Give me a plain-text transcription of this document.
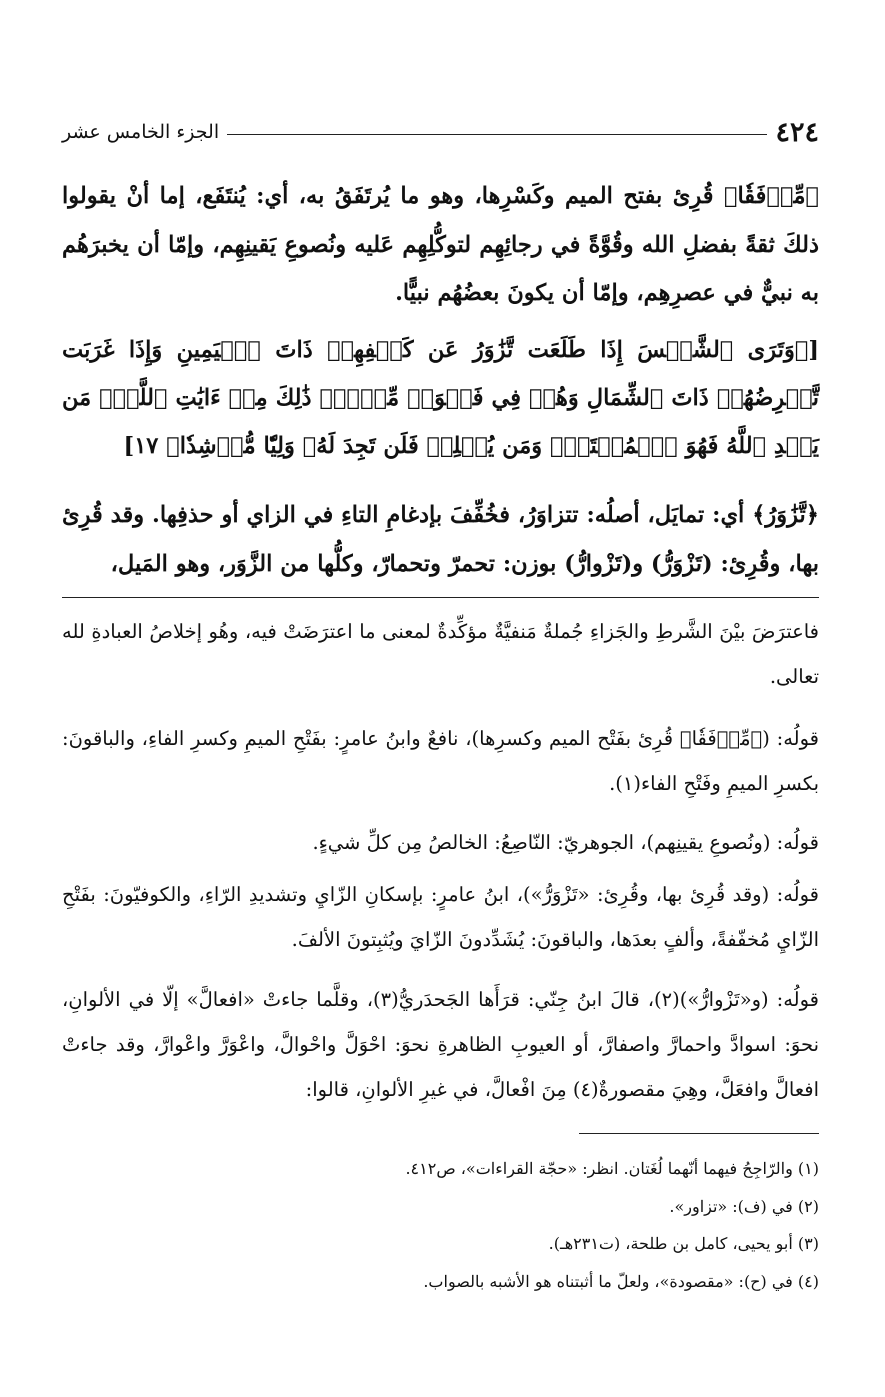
٤٢٤
الجزء الخامس عشر

﴿مِّرۡفَقٗا﴾ قُرِئ بفتح الميم وكَسْرِها، وهو ما يُرتَفَقُ به، أي: يُنتَفَع، إما أنْ يقولوا ذلكَ ثقةً بفضلِ الله وقُوَّةً في رجائِهِم لتوكُّلِهِم عَليه ونُصوعِ يَقينِهِم، وإمّا أن يخبرَهُم به نبيٌّ في عصرِهِم، وإمّا أن يكونَ بعضُهُم نبيًّا.

[﴿وَتَرَى ٱلشَّمۡسَ إِذَا طَلَعَت تَّزَٰوَرُ عَن كَهۡفِهِمۡ ذَاتَ ٱلۡيَمِينِ وَإِذَا غَرَبَت تَّقۡرِضُهُمۡ ذَاتَ ٱلشِّمَالِ وَهُمۡ فِي فَجۡوَةٖ مِّنۡهُۚ ذَٰلِكَ مِنۡ ءَايَٰتِ ٱللَّهِۗ مَن يَهۡدِ ٱللَّهُ فَهُوَ ٱلۡمُهۡتَدِۖ وَمَن يُضۡلِلۡ فَلَن تَجِدَ لَهُۥ وَلِيّٗا مُّرۡشِدٗا﴾ ١٧]

﴿تَّزَٰوَرُ﴾ أي: تمايَل، أصلُه: تتزاوَرُ، فخُفِّفَ بإدغامِ التاءِ في الزاي أو حذفِها. وقد قُرِئ بها، وقُرِئ: (تَزْوَرُّ) و(تَزْوارُّ) بوزن: تحمرّ وتحمارّ، وكلُّها من الزَّوَر، وهو المَيل،

فاعترَضَ بيْنَ الشَّرطِ والجَزاءِ جُملةٌ مَنفيَّةٌ مؤكِّدةٌ لمعنى ما اعترَضَتْ فيه، وهُو إخلاصُ العبادةِ لله تعالى.

قولُه: (﴿مِّرۡفَقٗا﴾ قُرِئ بفَتْح الميم وكسرِها)، نافعٌ وابنُ عامرٍ: بفَتْحِ الميمِ وكسرِ الفاءِ، والباقونَ: بكسرِ الميمِ وفَتْحِ الفاء(١).

قولُه: (ونُصوعِ يقينِهم)، الجوهريّ: النّاصِعُ: الخالصُ مِن كلِّ شيءٍ.

قولُه: (وقد قُرِئ بها، وقُرِئ: «تَزْوَرُّ»)، ابنُ عامرٍ: بإسكانِ الزّايِ وتشديدِ الرّاءِ، والكوفيّونَ: بفَتْحِ الزّايِ مُخفّفةً، وألفٍ بعدَها، والباقونَ: يُشَدِّدونَ الزّايَ ويُثبِتونَ الألفَ.

قولُه: (و«تَزْوارُّ»)(٢)، قالَ ابنُ جِنّي: قرَأَها الجَحدَريُّ(٣)، وقلَّما جاءتْ «افعالَّ» إلّا في الألوانِ، نحوَ: اسوادَّ واحمارَّ واصفارَّ، أو العيوبِ الظاهرةِ نحوَ: احْوَلَّ واحْوالَّ، واعْوَرَّ واعْوارَّ، وقد جاءتْ افعالَّ وافعَلَّ، وهِيَ مقصورةٌ(٤) مِنَ افْعالَّ، في غيرِ الألوانِ، قالوا:

(١) والرّاجِحُ فيهما أنّهما لُغَتان. انظر: «حجّة القراءات»، ص٤١٢.

(٢) في (ف): «تزاور».

(٣) أبو يحيى، كامل بن طلحة، (ت٢٣١هـ).

(٤) في (ح): «مقصودة»، ولعلّ ما أثبتناه هو الأشبه بالصواب.
